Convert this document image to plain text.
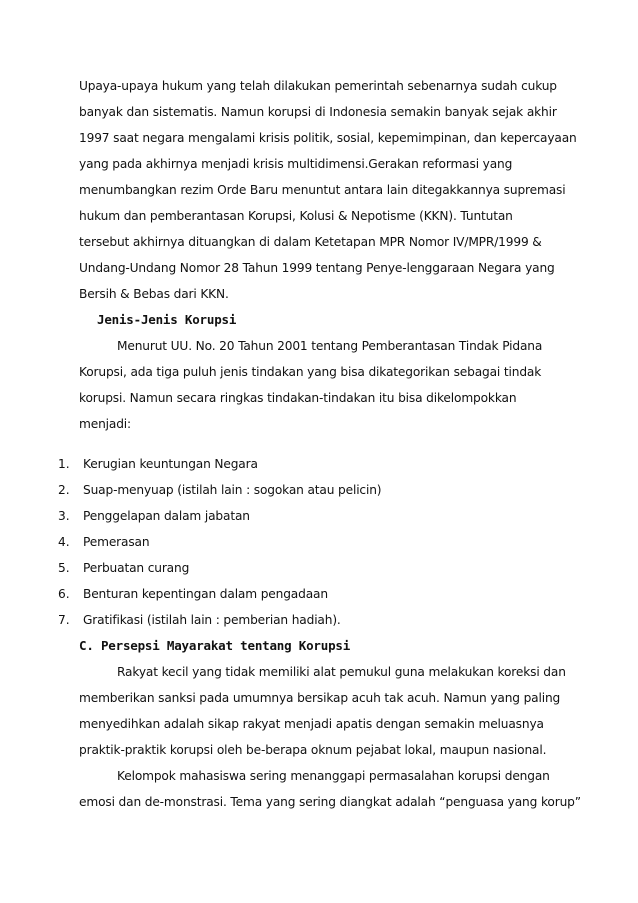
Upaya-upaya hukum yang telah dilakukan pemerintah sebenarnya sudah cukup
banyak dan sistematis. Namun korupsi di Indonesia semakin banyak sejak akhir
1997 saat negara mengalami krisis politik, sosial, kepemimpinan, dan kepercayaan
yang pada akhirnya menjadi krisis multidimensi.Gerakan reformasi yang
menumbangkan rezim Orde Baru menuntut antara lain ditegakkannya supremasi
hukum dan pemberantasan Korupsi, Kolusi & Nepotisme (KKN). Tuntutan
tersebut akhirnya dituangkan di dalam Ketetapan MPR Nomor IV/MPR/1999 &
Undang-Undang Nomor 28 Tahun 1999 tentang Penye-lenggaraan Negara yang
Bersih & Bebas dari KKN.
Jenis-Jenis Korupsi
Menurut UU. No. 20 Tahun 2001 tentang Pemberantasan Tindak Pidana
Korupsi, ada tiga puluh jenis tindakan yang bisa dikategorikan sebagai tindak
korupsi. Namun secara ringkas tindakan-tindakan itu bisa dikelompokkan
menjadi:
1. Kerugian keuntungan Negara
2. Suap-menyuap (istilah lain : sogokan atau pelicin)
3. Penggelapan dalam jabatan
4. Pemerasan
5. Perbuatan curang
6. Benturan kepentingan dalam pengadaan
7. Gratifikasi (istilah lain : pemberian hadiah).
C. Persepsi Mayarakat tentang Korupsi
Rakyat kecil yang tidak memiliki alat pemukul guna melakukan koreksi dan
memberikan sanksi pada umumnya bersikap acuh tak acuh. Namun yang paling
menyedihkan adalah sikap rakyat menjadi apatis dengan semakin meluasnya
praktik-praktik korupsi oleh be-berapa oknum pejabat lokal, maupun nasional.
Kelompok mahasiswa sering menanggapi permasalahan korupsi dengan
emosi dan de-monstrasi. Tema yang sering diangkat adalah “penguasa yang korup”
